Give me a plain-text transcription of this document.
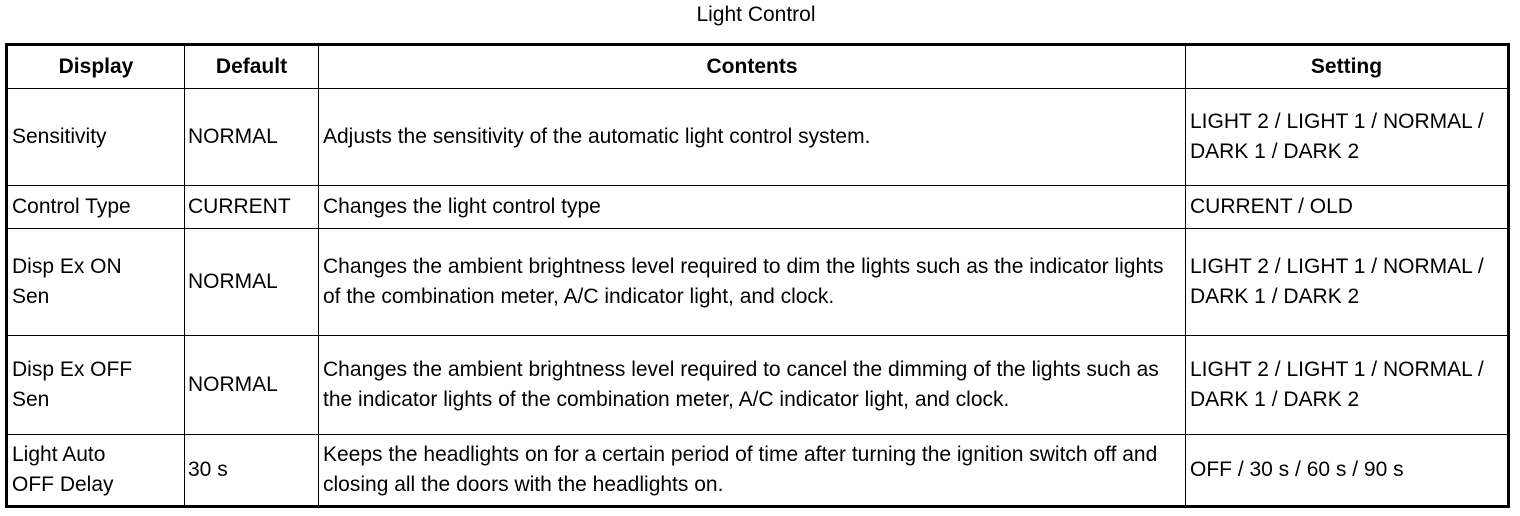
Light Control
Display	Default	Contents	Setting

Sensitivity	NORMAL	Adjusts the sensitivity of the automatic light control system.	LIGHT 2 / LIGHT 1 / NORMAL / DARK 1 / DARK 2

Control Type	CURRENT	Changes the light control type	CURRENT / OLD

Disp Ex ON
Sen	NORMAL	Changes the ambient brightness level required to dim the lights such as the indicator lights of the combination meter, A/C indicator light, and clock.	LIGHT 2 / LIGHT 1 / NORMAL / DARK 1 / DARK 2

Disp Ex OFF
Sen	NORMAL	Changes the ambient brightness level required to cancel the dimming of the lights such as the indicator lights of the combination meter, A/C indicator light, and clock.	LIGHT 2 / LIGHT 1 / NORMAL / DARK 1 / DARK 2

Light Auto
OFF Delay	30 s	Keeps the headlights on for a certain period of time after turning the ignition switch off and closing all the doors with the headlights on.	OFF / 30 s / 60 s / 90 s
